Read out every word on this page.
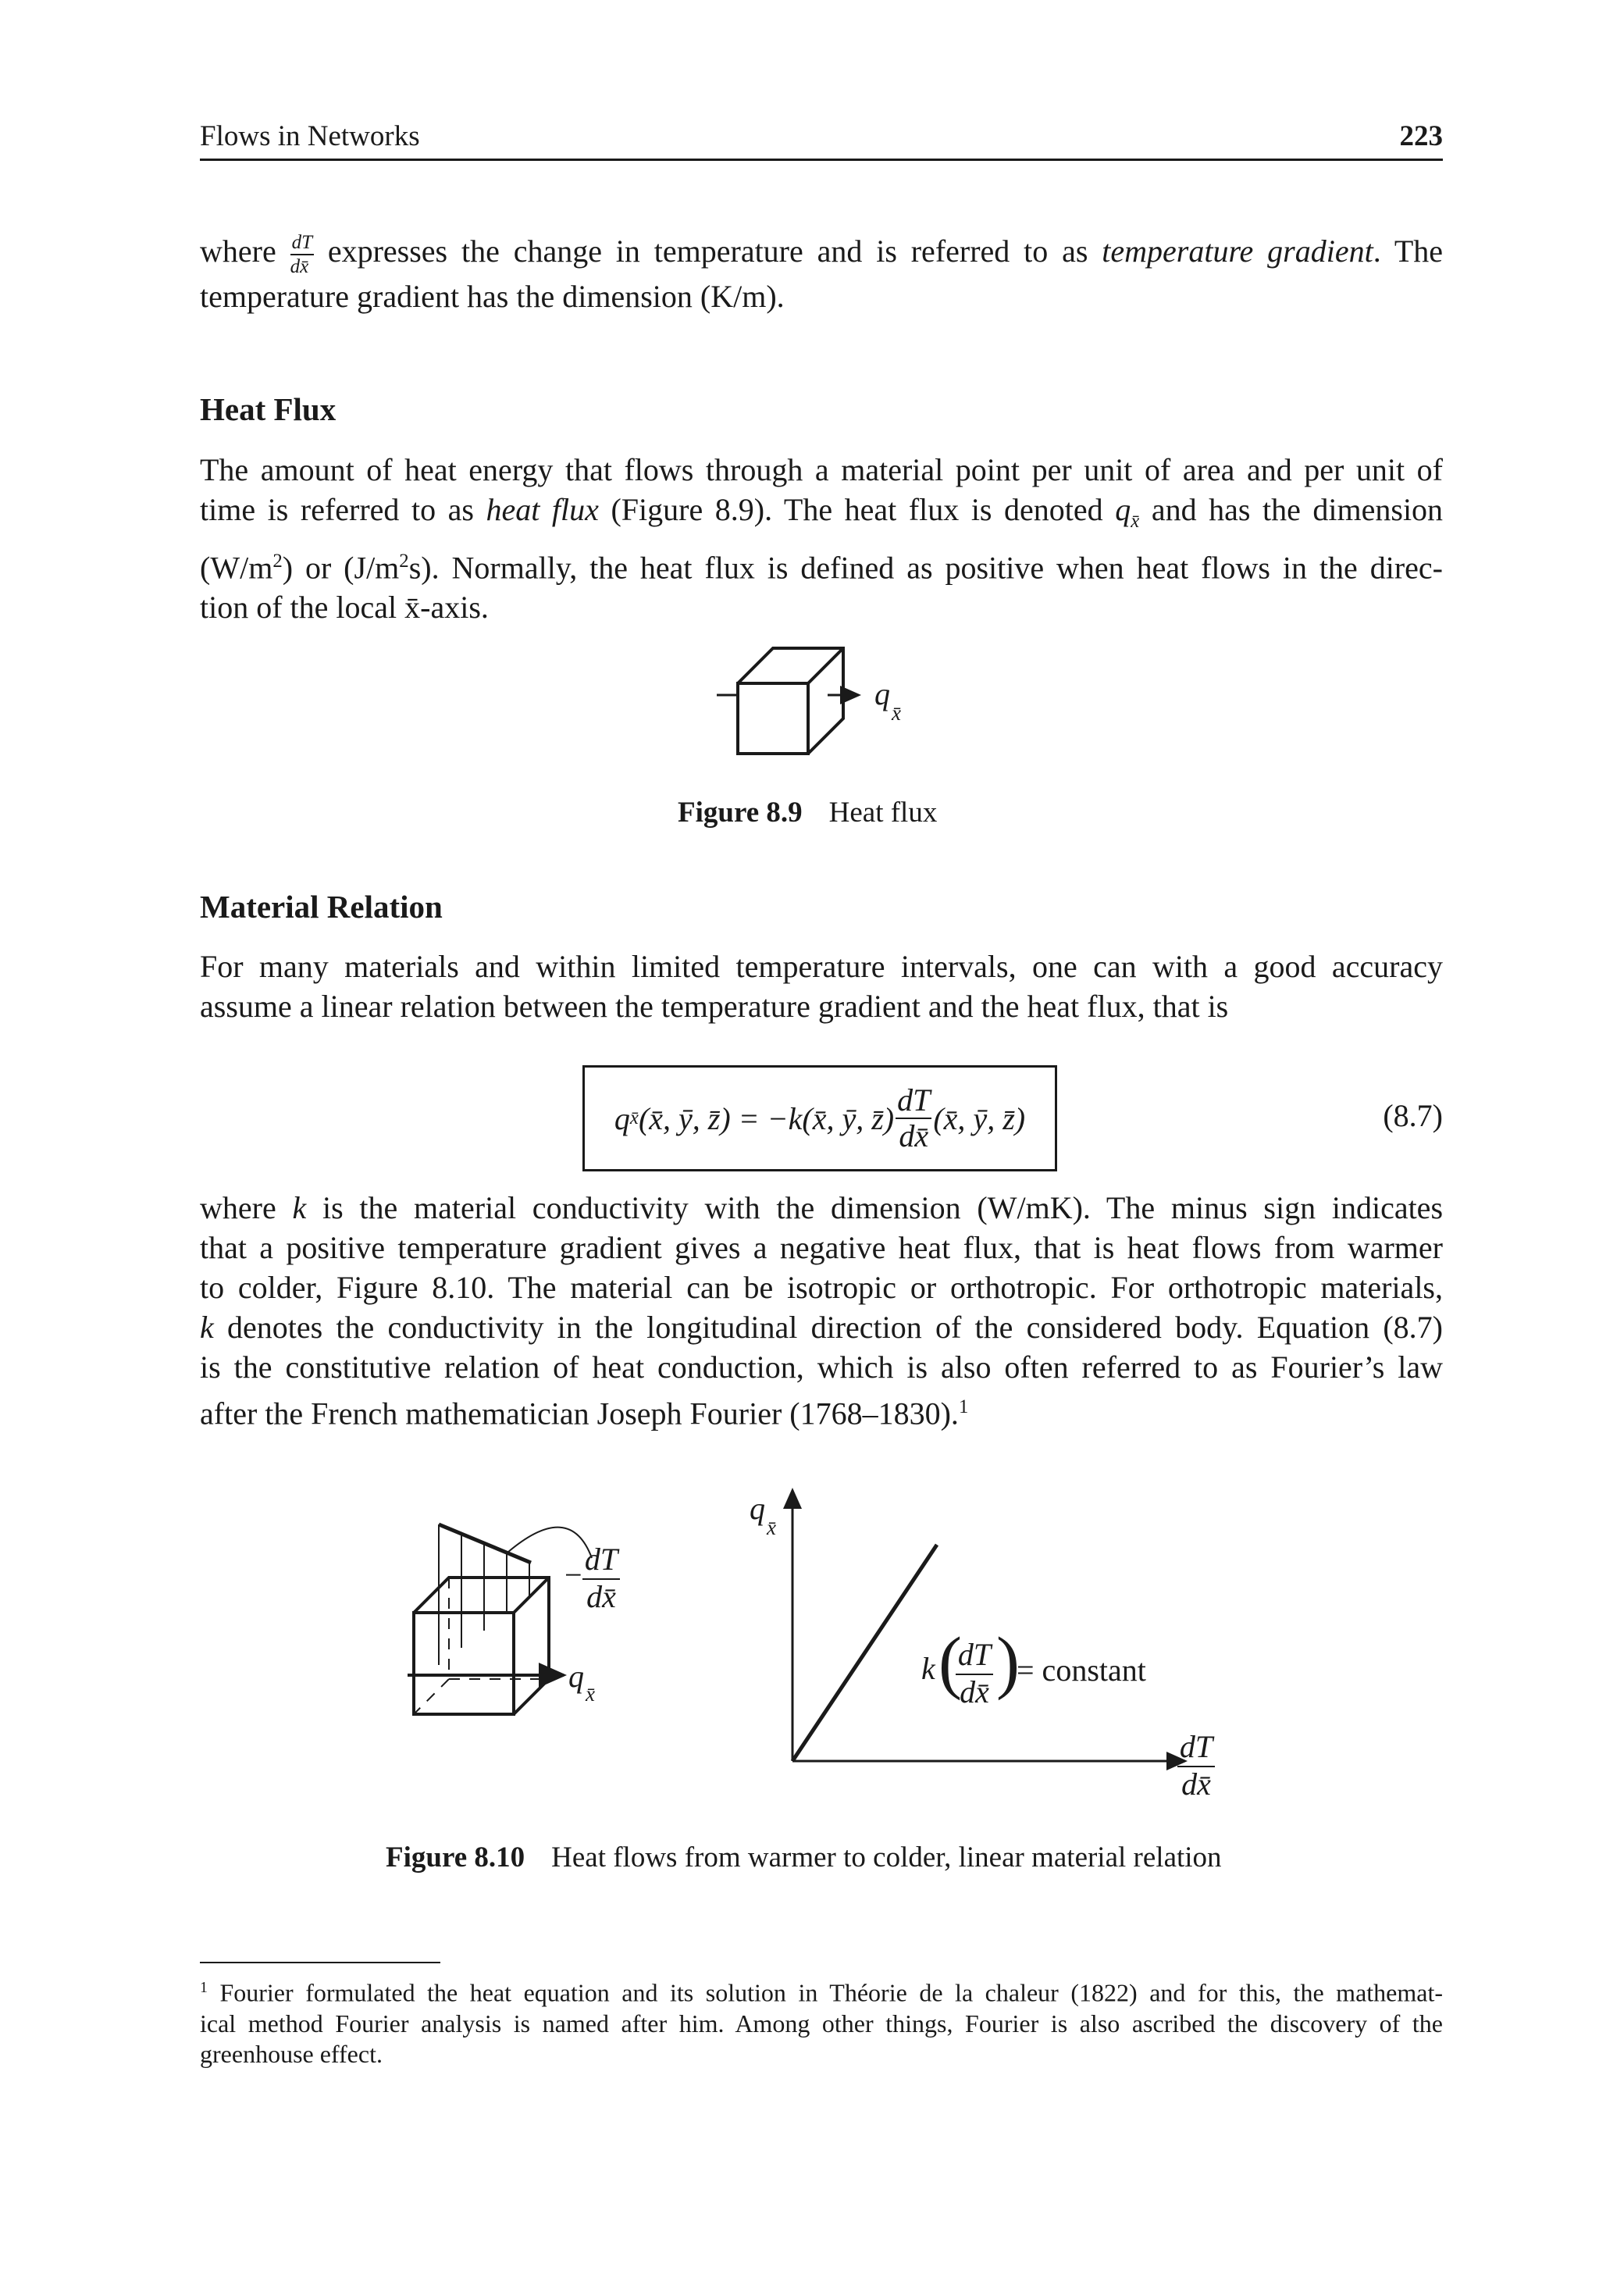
Flows in Networks	223
where $\frac{dT}{dx̄}$ expresses the change in temperature and is referred to as temperature gradient. The
temperature gradient has the dimension (K/m).
Heat Flux
The amount of heat energy that flows through a material point per unit of area and per unit of
time is referred to as heat flux (Figure 8.9). The heat flux is denoted $q_{x̄}$ and has the dimension
$(W/m^2)$ or $(J/m^2s)$. Normally, the heat flux is defined as positive when heat flows in the direc-
tion of the local x̄-axis.
q
x̄
Figure 8.9 Heat flux
Material Relation
For many materials and within limited temperature intervals, one can with a good accuracy
assume a linear relation between the temperature gradient and the heat flux, that is
q x̄ (x̄, ȳ, z̄) = −k(x̄, ȳ, z̄) $\frac{dT}{dx̄}$ (x̄, ȳ, z̄)	(8.7)
where k is the material conductivity with the dimension (W/mK). The minus sign indicates
that a positive temperature gradient gives a negative heat flux, that is heat flows from warmer
to colder, Figure 8.10. The material can be isotropic or orthotropic. For orthotropic materials,
k denotes the conductivity in the longitudinal direction of the considered body. Equation (8.7)
is the constitutive relation of heat conduction, which is also often referred to as Fourier’s law
after the French mathematician Joseph Fourier (1768–1830).$^1$
q x̄
− dT
dx̄
q
x̄
k (
dT
dx̄ )
= constant
dT
dx̄
Figure 8.10 Heat flows from warmer to colder, linear material relation
$^1$ Fourier formulated the heat equation and its solution in Théorie de la chaleur (1822) and for this, the mathemat-
ical method Fourier analysis is named after him. Among other things, Fourier is also ascribed the discovery of the
greenhouse effect.
